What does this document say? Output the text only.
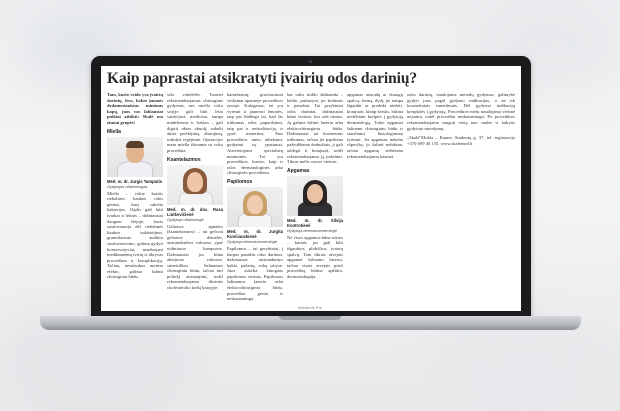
Kaip paprastai atsikratyti įvairių odos darinių?
Tam, kurio veido yra įvairių darinių, išvo, kokio įmonės dedamesionistas minimus kapų, juos vos labiausiai puikiai atitikti: Skalė mo zimtai grupės!
Miella
Med. m. dr. Jurgis Tamputis
Gydytojas oftalmologas
Miella – vokie kraitis riebalinės liaukos odos gėrnas, kurį sukelia bakterijos. Išjalis gali būti tvarkai ir lėtinis – dažniausiai daugiau išėjoje, kuris susiformuoja dėl riebalinės liaukos sukietėjimo, granuliacinio audinio susiformavimo, galima gydyti konservatyviai, nenduojant medikamentų tvirtų ir tiktyvas procedūras ir komplikacijų. Tačiau, nesulaukus norimo efekto, galima šalinti chirurginiu būdu.
selo vokelėlės. Tuomet rekomenduojamas chirurginis gydymas, nes miella voko srityje gali būti lėtai suiskėjusi, medicina, tampa minkštesnis ir fizikos – gali digirti akies obuolį, sukelti akies perštėjimą, ašarojimą, trukdyti regėjimui. Operacijos metu miella išimama su voko procedūra.
Ksantelazmos
Med. m. dr. doc. Rasa Liutkevičienė
Gydytoja oftalmologė
Geltonos apnašos (ksantelazmos) – tai gelsvai geltonos dėmelės, atsirandančios vokuose, ypač vidiniuose kampuose. Dažniausiai jos būna abiejuose vokuose, simetriškos. Šalinamos chirurginiu būdu, tačiau turi polinkį atsinaujinti, todėl rekomenduojama tikrintis cholesterolio kiekį kraujyje.
kantelazmų, gravitaciniai veiksniai apatinėje procedūros zonoje. Kolagenas, tai yra vyresni ir jaunesni žmonės, taip pat būdinga tai, kad šis trūkumas odos papuošimui, taip pat ir neitralizacija, ir ypač moterims. Šios procedūros metu atliekami, gydymui tų ypatumai. Atsivietojami specialistų nuomonės. Tai yra procedūros, kurios, kaip ir odos dermatologinės arba chirurginės procedūros.
Papilomos
Med. m. dr. Jurgita Kunčiauskienė
Gydytoja dermatovenerologė
Papilomos – tai gerybiniai, į karpas panašūs odos dariniai, dažniausiai atsirandantys kaklo, pažastų, vokų srityse. Juos sukelia žmogaus papilomos virusas. Papilomos šalinamos lazeriu arba elektrochirurginiu būdu, procedūra greita ir neskausminga.
bar odos tinklo dalinanda – baldo, pažastyse, po krūtimis ir panašiai. Tai gerybiniai odos dariniai, dažniausiai kūno vietose, kur oda trinasi. Jų galima šalinti lazeriu arba elektrochirurginiu būdu. Dažniausiai tai kosmetinis trūkumas, tačiau jei papiloma pažeidžiama drabužiais, ji gali uždegti ir kraujuoti, todėl rekomenduojama ją pašalinti. Tikras mėlis visose vietose.
Apgamas
Med. m. dr. Silvija Kontrotienė
Gydytoja dermatovenerologė
Ne visos apgamos būna tokios – kartais jos gali būti išgaubtos, plokščios, įvairių spalvų. Tam tikrais atvejais apgamai šalinami lazeriu, tačiau visais atvejais prieš procedūrą būtina apžiūra, dermatoskopija.
apgamas atsiradę ar išsaugų spalvą, formą, dydį, jie tampa išgaubti ar pradeda niežėti, kraujuoti, kitaip keistis, būtina nedelsiant kreiptis į gydytoją dermatologą. Tokie apgamai šalinami chirurginiu būdu ir siunčiami histologiniam tyrimui. Jei apgamas nekelia rūpesčių, jo šalinti nebūtina, tačiau apgamų stebėsena rekomenduojama kasmet.
odos darinių, naudojama metodų gydymas, galimybė gydyti juos pagal gydymo indikacijas, o ne tik kosmetiniais sumetimais. Dėl gydymo indikacijų kreipkitės į gydytoją. Procedūros metu naudojama vietinė nejautra, todėl procedūra neskausminga. Po procedūros rekomenduojama saugoti vietą nuo saulės ir laikytis gydytojo nurodymų.
„Skalė"Mokla – Kaune, Studentų g. 37, tel. registracija +370 699 40 155, www.skalemed.lt
MacBook Pro
